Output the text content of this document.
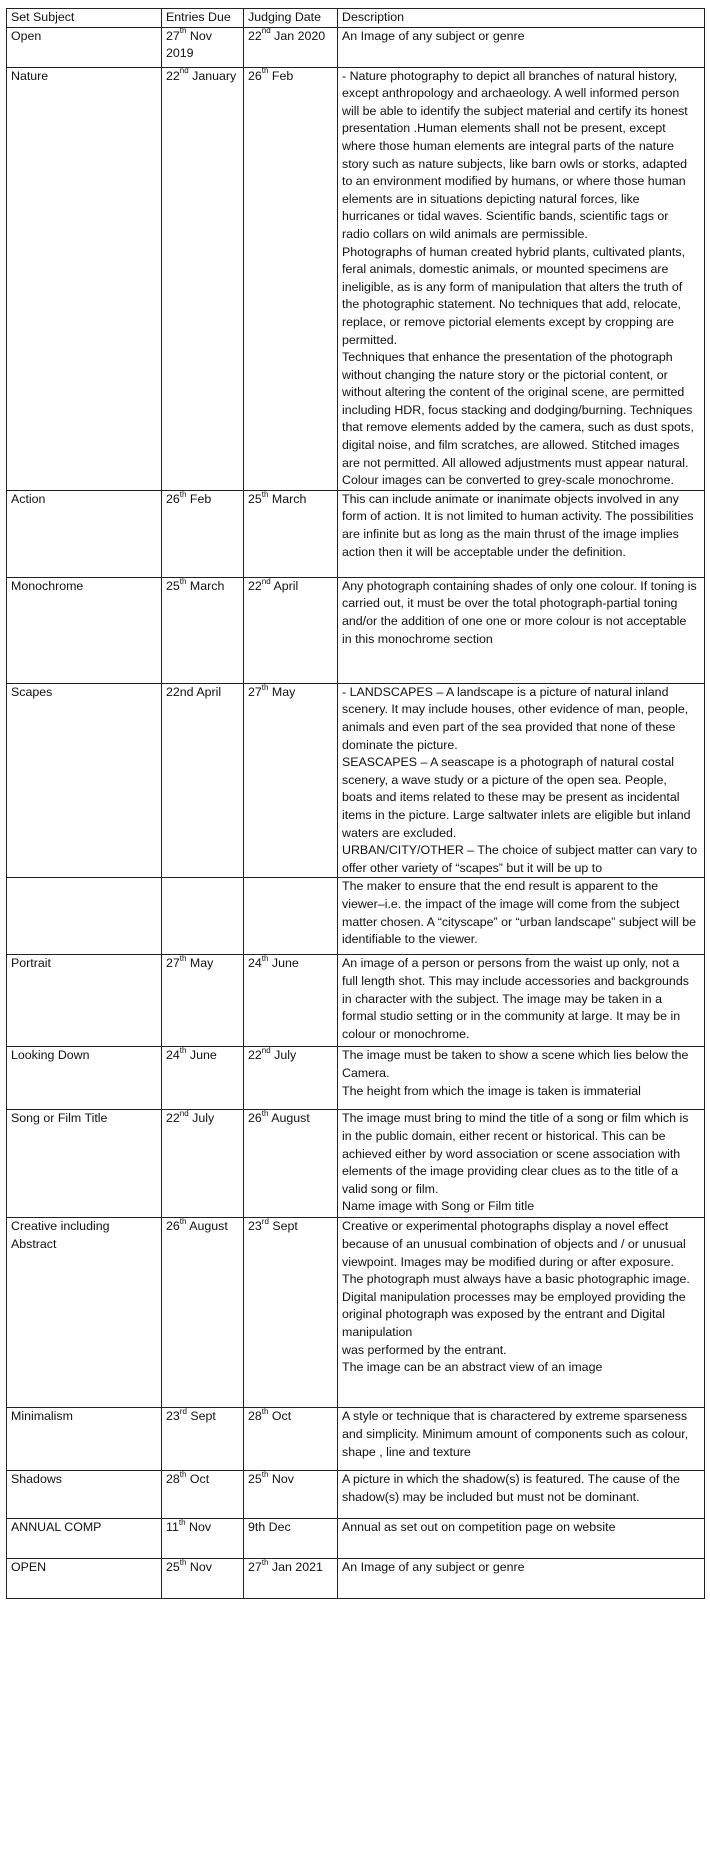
Set Subject	Entries Due	Judging Date	Description
Open	27th Nov 2019	22nd Jan 2020	An Image of any subject or genre

Nature	22nd January	26th Feb	- Nature photography to depict all branches of natural history, except anthropology and archaeology. A well informed person will be able to identify the subject material and certify its honest presentation .Human elements shall not be present, except where those human elements are integral parts of the nature story such as nature subjects, like barn owls or storks, adapted to an environment modified by humans, or where those human elements are in situations depicting natural forces, like hurricanes or tidal waves. Scientific bands, scientific tags or radio collars on wild animals are permissible.
Photographs of human created hybrid plants, cultivated plants, feral animals, domestic animals, or mounted specimens are ineligible, as is any form of manipulation that alters the truth of the photographic statement. No techniques that add, relocate, replace, or remove pictorial elements except by cropping are permitted.
Techniques that enhance the presentation of the photograph without changing the nature story or the pictorial content, or without altering the content of the original scene, are permitted including HDR, focus stacking and dodging/burning. Techniques that remove elements added by the camera, such as dust spots, digital noise, and film scratches, are allowed. Stitched images are not permitted. All allowed adjustments must appear natural. Colour images can be converted to grey-scale monochrome.

Action	26th Feb	25th March	This can include animate or inanimate objects involved in any form of action. It is not limited to human activity. The possibilities are infinite but as long as the main thrust of the image implies action then it will be acceptable under the definition.

Monochrome	25th March	22nd April	Any photograph containing shades of only one colour. If toning is carried out, it must be over the total photograph-partial toning and/or the addition of one one or more colour is not acceptable in this monochrome section

Scapes	22nd April	27th May	- LANDSCAPES – A landscape is a picture of natural inland scenery. It may include houses, other evidence of man, people, animals and even part of the sea provided that none of these dominate the picture.
SEASCAPES – A seascape is a photograph of natural costal scenery, a wave study or a picture of the open sea. People, boats and items related to these may be present as incidental items in the picture. Large saltwater inlets are eligible but inland waters are excluded.
URBAN/CITY/OTHER – The choice of subject matter can vary to offer other variety of “scapes” but it will be up to

			The maker to ensure that the end result is apparent to the viewer–i.e. the impact of the image will come from the subject matter chosen. A “cityscape” or “urban landscape” subject will be identifiable to the viewer.

Portrait	27th May	24th June	An image of a person or persons from the waist up only, not a full length shot. This may include accessories and backgrounds in character with the subject. The image may be taken in a formal studio setting or in the community at large. It may be in colour or monochrome.

Looking Down	24th June	22nd July	The image must be taken to show a scene which lies below the Camera.
The height from which the image is taken is immaterial

Song or Film Title	22nd July	26th August	The image must bring to mind the title of a song or film which is in the public domain, either recent or historical. This can be achieved either by word association or scene association with elements of the image providing clear clues as to the title of a valid song or film.
Name image with Song or Film title

Creative including Abstract	26th August	23rd Sept	Creative or experimental photographs display a novel effect because of an unusual combination of objects and / or unusual viewpoint. Images may be modified during or after exposure.
The photograph must always have a basic photographic image. Digital manipulation processes may be employed providing the original photograph was exposed by the entrant and Digital manipulation
was performed by the entrant.
The image can be an abstract view of an image

Minimalism	23rd Sept	28th Oct	A style or technique that is charactered by extreme sparseness and simplicity. Minimum amount of components such as colour, shape , line and texture

Shadows	28th Oct	25th Nov	A picture in which the shadow(s) is featured. The cause of the shadow(s) may be included but must not be dominant.

ANNUAL COMP	11th Nov	9th Dec	Annual as set out on competition page on website

OPEN	25th Nov	27th Jan 2021	An Image of any subject or genre
